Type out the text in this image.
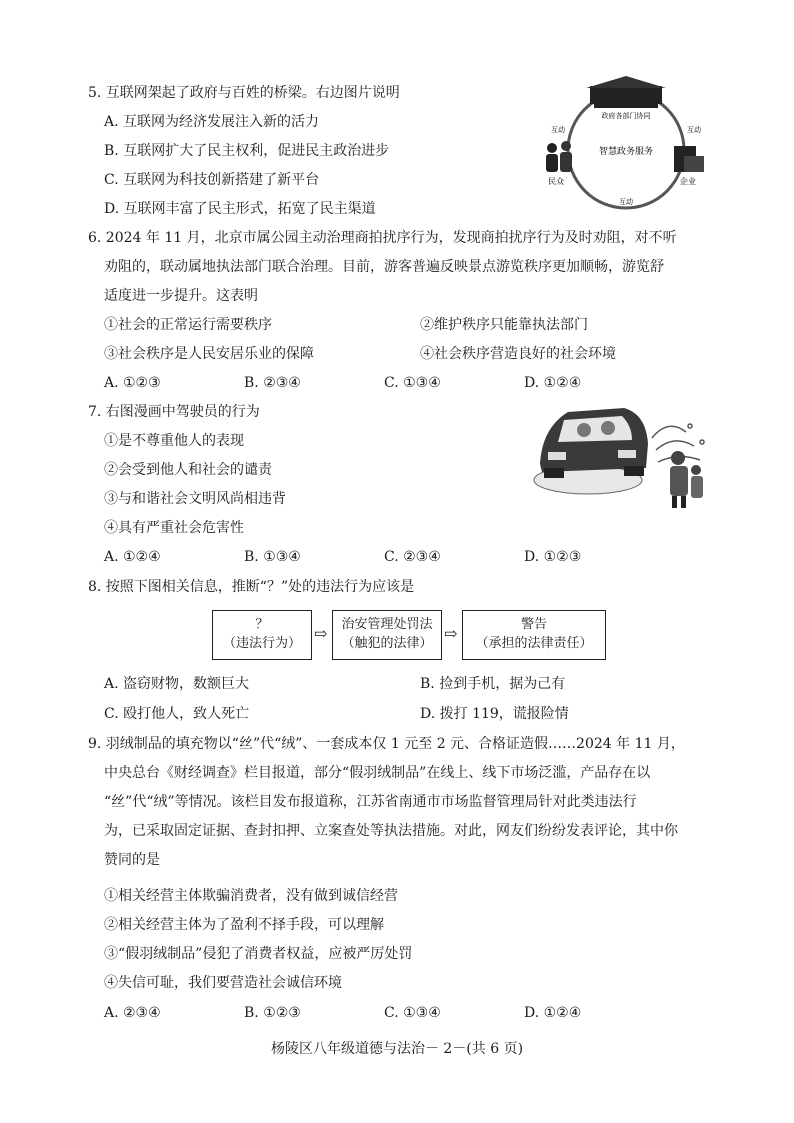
5. 互联网架起了政府与百姓的桥梁。右边图片说明
A. 互联网为经济发展注入新的活力
B. 互联网扩大了民主权利，促进民主政治进步
C. 互联网为科技创新搭建了新平台
D. 互联网丰富了民主形式，拓宽了民主渠道
政府各部门协同
智慧政务服务
民众	企业
互动	互动
互动
6. 2024 年 11 月，北京市属公园主动治理商拍扰序行为，发现商拍扰序行为及时劝阻，对不听
劝阻的，联动属地执法部门联合治理。目前，游客普遍反映景点游览秩序更加顺畅，游览舒
适度进一步提升。这表明
①社会的正常运行需要秩序	②维护秩序只能靠执法部门
③社会秩序是人民安居乐业的保障	④社会秩序营造良好的社会环境
A. ①②③	B. ②③④	C. ①③④	D. ①②④
7. 右图漫画中驾驶员的行为
①是不尊重他人的表现
②会受到他人和社会的谴责
③与和谐社会文明风尚相违背
④具有严重社会危害性
A. ①②④	B. ①③④	C. ②③④	D. ①②③
8. 按照下图相关信息，推断“？”处的违法行为应该是
？
（违法行为）
⇨	治安管理处罚法
（触犯的法律）
⇨	警告
（承担的法律责任）
A. 盗窃财物，数额巨大	B. 捡到手机，据为己有
C. 殴打他人，致人死亡	D. 拨打 119，谎报险情
9. 羽绒制品的填充物以“丝”代“绒”、一套成本仅 1 元至 2 元、合格证造假……2024 年 11 月，
中央总台《财经调查》栏目报道，部分“假羽绒制品”在线上、线下市场泛滥，产品存在以
“丝”代“绒”等情况。该栏目发布报道称，江苏省南通市市场监督管理局针对此类违法行
为，已采取固定证据、查封扣押、立案查处等执法措施。对此，网友们纷纷发表评论，其中你
赞同的是
①相关经营主体欺骗消费者，没有做到诚信经营
②相关经营主体为了盈利不择手段，可以理解
③“假羽绒制品”侵犯了消费者权益，应被严厉处罚
④失信可耻，我们要营造社会诚信环境
A. ②③④	B. ①②③	C. ①③④	D. ①②④
杨陵区八年级道德与法治－ 2－(共 6 页)
